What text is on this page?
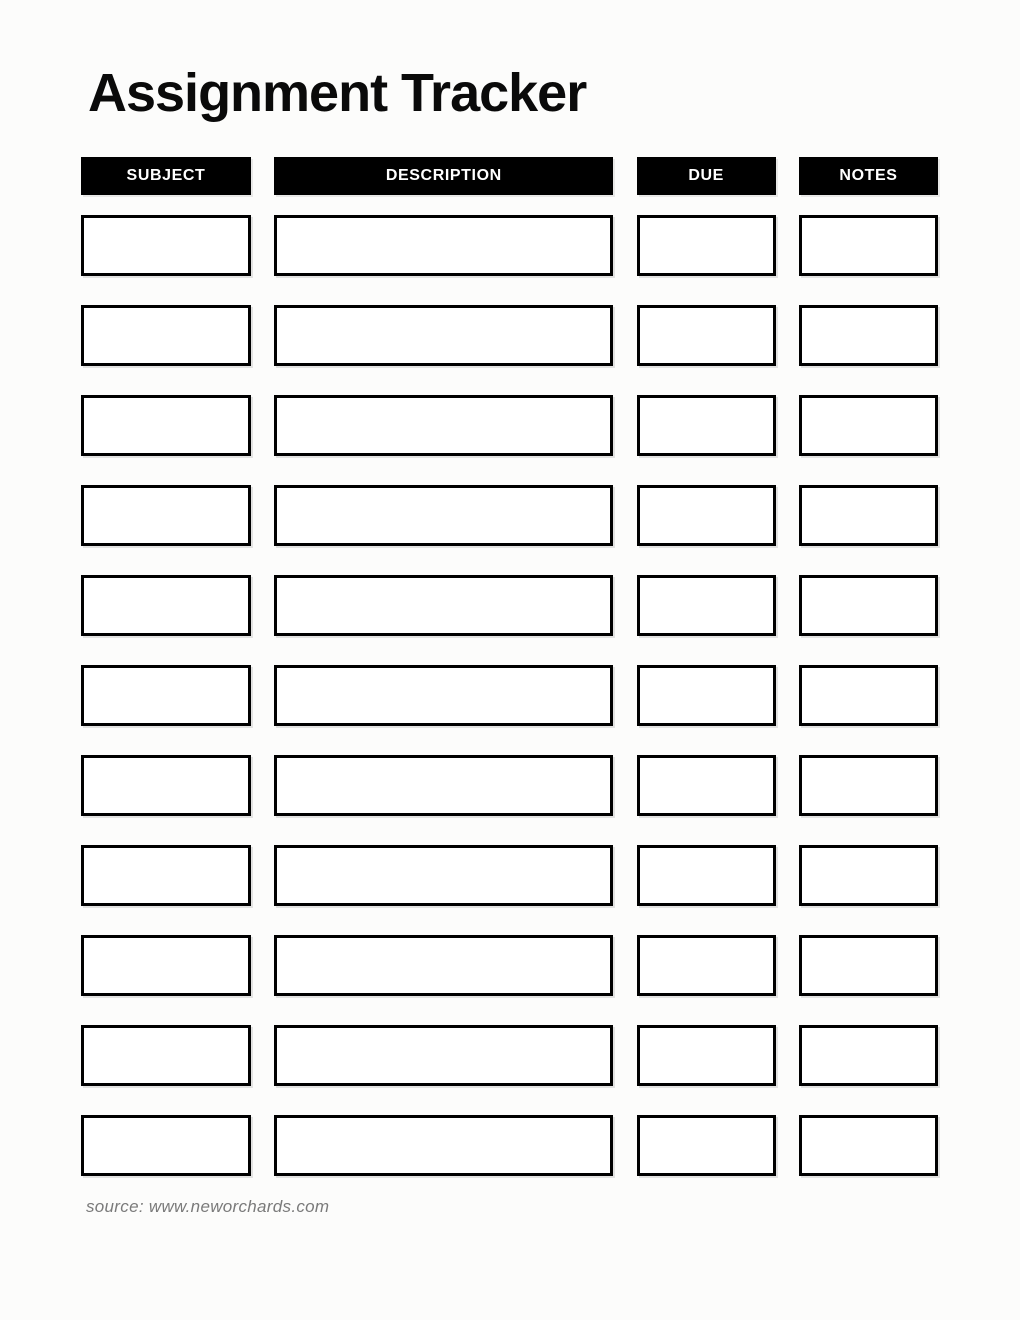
Assignment Tracker
SUBJECT	DESCRIPTION	DUE	NOTES
source: www.neworchards.com
